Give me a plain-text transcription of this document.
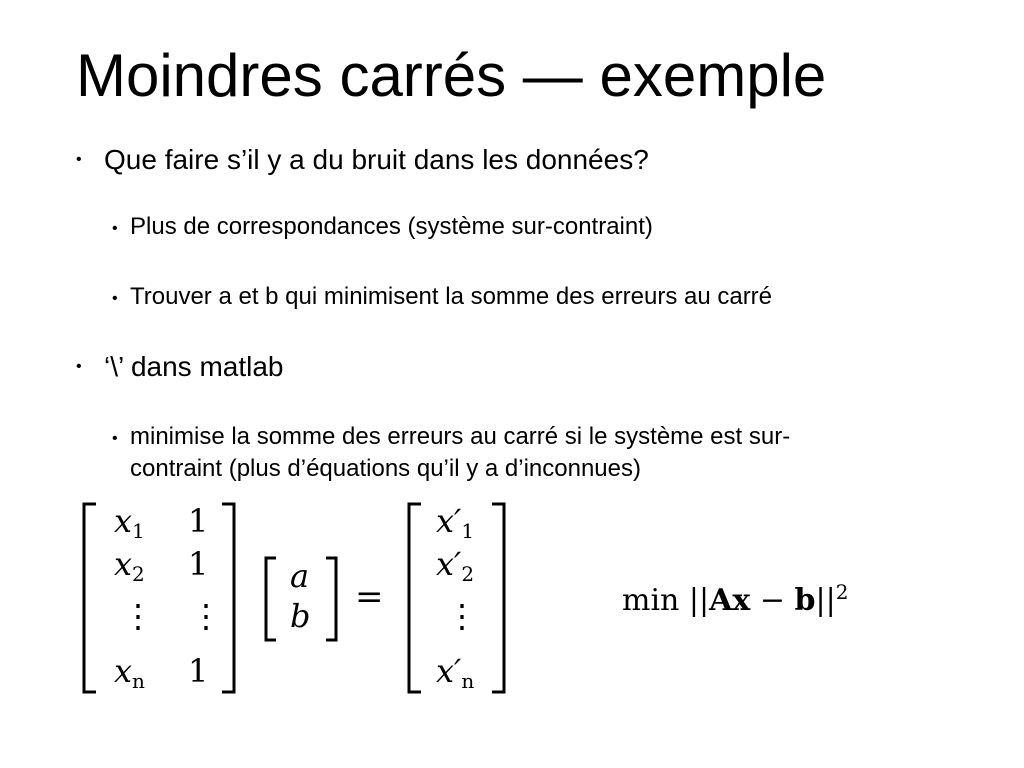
Moindres carrés — exemple
• Que faire s’il y a du bruit dans les données?
• Plus de correspondances (système sur-contraint)
• Trouver a et b qui minimisent la somme des erreurs au carré
• ‘\’ dans matlab
• minimise la somme des erreurs au carré si le système est sur-
contraint (plus d’équations qu’il y a d’inconnues)
$x_1$
$x_2$
⋮
$x_n$
1
1
⋮
1
a
b =
$x'_1$
$x'_2$
⋮
$x'_n$
$\min ||Ax - b||^2$
